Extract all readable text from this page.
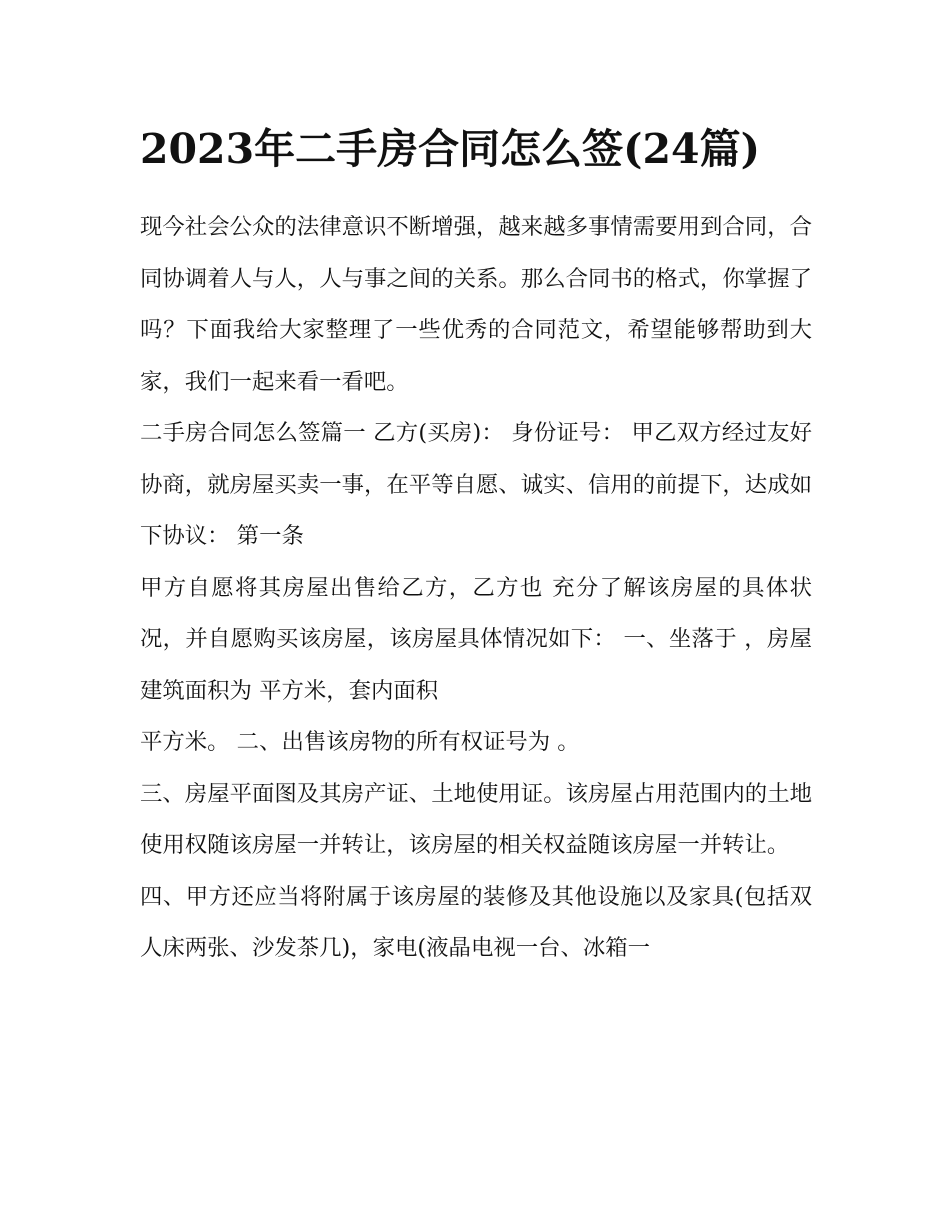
2023年二手房合同怎么签(24篇)

现今社会公众的法律意识不断增强，越来越多事情需要用到合同，合同协调着人与人，人与事之间的关系。那么合同书的格式，你掌握了吗？下面我给大家整理了一些优秀的合同范文，希望能够帮助到大家，我们一起来看一看吧。

二手房合同怎么签篇一 乙方(买房)： 身份证号： 甲乙双方经过友好协商，就房屋买卖一事，在平等自愿、诚实、信用的前提下，达成如下协议： 第一条

甲方自愿将其房屋出售给乙方，乙方也 充分了解该房屋的具体状况，并自愿购买该房屋，该房屋具体情况如下： 一、坐落于 ，房屋建筑面积为 平方米，套内面积

平方米。 二、出售该房物的所有权证号为 。

三、房屋平面图及其房产证、土地使用证。该房屋占用范围内的土地使用权随该房屋一并转让，该房屋的相关权益随该房屋一并转让。

四、甲方还应当将附属于该房屋的装修及其他设施以及家具(包括双人床两张、沙发茶几)，家电(液晶电视一台、冰箱一
